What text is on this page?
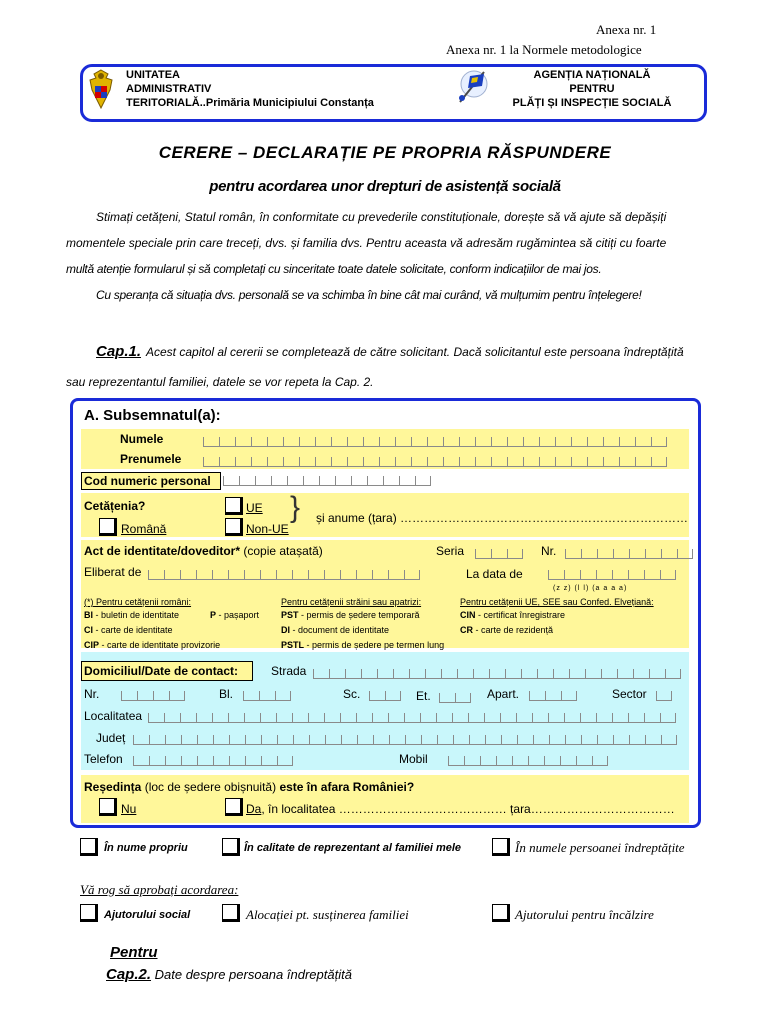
Anexa nr. 1
Anexa nr. 1 la Normele metodologice
UNITATEA
ADMINISTRATIV
TERITORIALĂ..Primăria Municipiului Constanța
AGENȚIA NAȚIONALĂ
PENTRU
PLĂȚI ȘI INSPECȚIE SOCIALĂ
CERERE – DECLARAȚIE PE PROPRIA RĂSPUNDERE
pentru acordarea unor drepturi de asistență socială
Stimați cetățeni, Statul român, în conformitate cu prevederile constituționale, dorește să vă ajute să depășiți
momentele speciale prin care treceți, dvs. și familia dvs. Pentru aceasta vă adresăm rugămintea să citiți cu foarte
multă atenție formularul și să completați cu sinceritate toate datele solicitate, conform indicațiilor de mai jos.
Cu speranța că situația dvs. personală se va schimba în bine cât mai curând, vă mulțumim pentru înțelegere!
Cap.1. Acest capitol al cererii se completează de către solicitant. Dacă solicitantul este persoana îndreptățită
sau reprezentantul familiei, datele se vor repeta la Cap. 2.
A. Subsemnatul(a):
Numele
Prenumele
Cod numeric personal
Cetățenia?
Română
UE
Non-UE
} și anume (țara) ………………………………………………………………
Act de identitate/doveditor* (copie atașată)	Seria	Nr.
Eliberat de	La data de
(z z) (l l) (a a a a)
(*) Pentru cetățenii români:
BI - buletin de identitate	P - pașaport
CI - carte de identitate
CIP - carte de identitate provizorie
Pentru cetățenii străini sau apatrizi:
PST - permis de ședere temporară
DI - document de identitate
PSTL - permis de ședere pe termen lung
Pentru cetățenii UE, SEE sau Confed. Elvețiană:
CIN - certificat înregistrare
CR - carte de rezidență
Domiciliul/Date de contact:	Strada
Nr.	Bl.	Sc.	Et.	Apart.	Sector
Localitatea
Județ
Telefon	Mobil
Reședința (loc de ședere obișnuită) este în afara României?
Nu	Da, în localitatea …………………………………… țara………………………………
În nume propriu	În calitate de reprezentant al familiei mele	În numele persoanei îndreptățite
Vă rog să aprobați acordarea:
Ajutorului social	Alocației pt. susținerea familiei	Ajutorului pentru încălzire
Pentru
Cap.2. Date despre persoana îndreptățită
